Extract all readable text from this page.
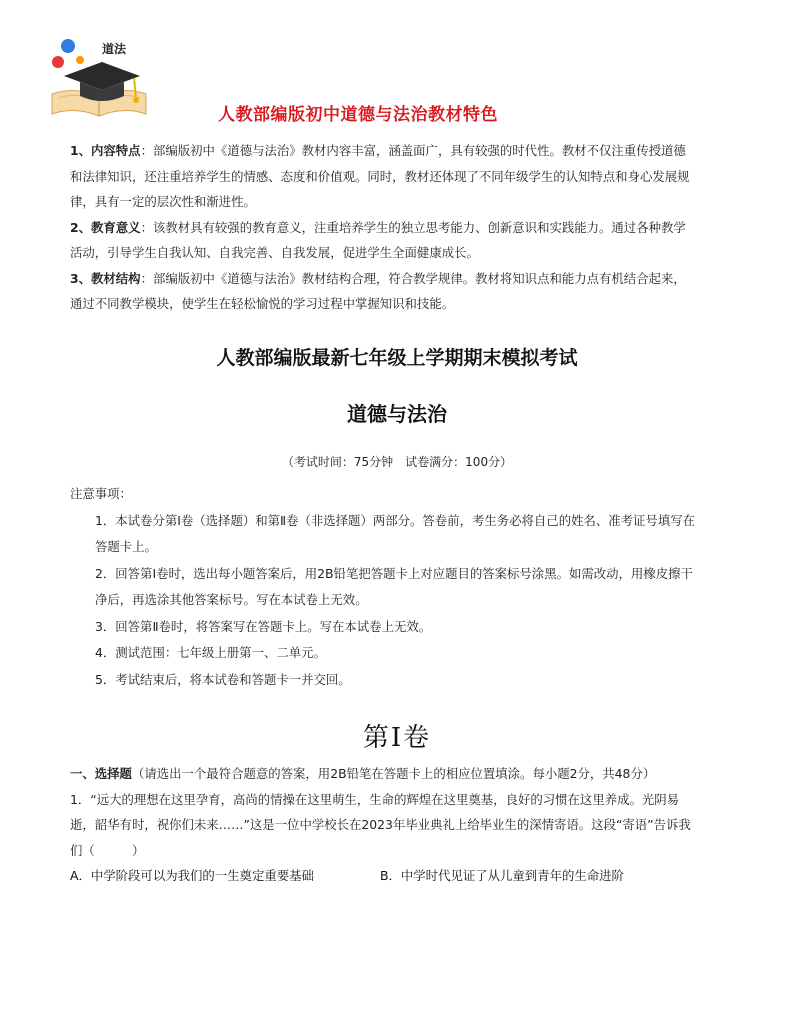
道法
人教部编版初中道德与法治教材特色

1、内容特点：部编版初中《道德与法治》教材内容丰富，涵盖面广，具有较强的时代性。教材不仅注重传授道德和法律知识，还注重培养学生的情感、态度和价值观。同时，教材还体现了不同年级学生的认知特点和身心发展规律，具有一定的层次性和渐进性。

2、教育意义：该教材具有较强的教育意义，注重培养学生的独立思考能力、创新意识和实践能力。通过各种教学活动，引导学生自我认知、自我完善、自我发展，促进学生全面健康成长。

3、教材结构：部编版初中《道德与法治》教材结构合理，符合教学规律。教材将知识点和能力点有机结合起来，通过不同教学模块，使学生在轻松愉悦的学习过程中掌握知识和技能。

人教部编版最新七年级上学期期末模拟考试
道德与法治
（考试时间：75分钟　试卷满分：100分）

注意事项：

1．本试卷分第Ⅰ卷（选择题）和第Ⅱ卷（非选择题）两部分。答卷前，考生务必将自己的姓名、准考证号填写在答题卡上。

2．回答第Ⅰ卷时，选出每小题答案后，用2B铅笔把答题卡上对应题目的答案标号涂黑。如需改动，用橡皮擦干净后，再选涂其他答案标号。写在本试卷上无效。

3．回答第Ⅱ卷时，将答案写在答题卡上。写在本试卷上无效。

4．测试范围：七年级上册第一、二单元。

5．考试结束后，将本试卷和答题卡一并交回。

第Ⅰ卷

一、选择题（请选出一个最符合题意的答案，用2B铅笔在答题卡上的相应位置填涂。每小题2分，共48分）

1．“远大的理想在这里孕育，高尚的情操在这里萌生，生命的辉煌在这里奠基，良好的习惯在这里养成。光阴易逝，韶华有时，祝你们未来……”这是一位中学校长在2023年毕业典礼上给毕业生的深情寄语。这段“寄语”告诉我们（　　　）

A．中学阶段可以为我们的一生奠定重要基础	B．中学时代见证了从儿童到青年的生命进阶
